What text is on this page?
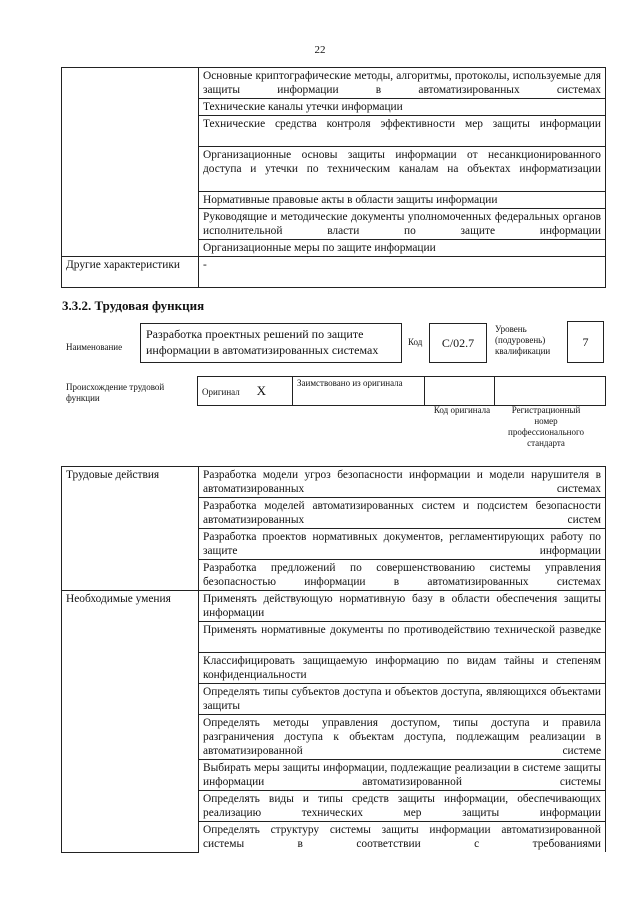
22
	Основные криптографические методы, алгоритмы, протоколы, используемые для защиты информации в автоматизированных системах
	Технические каналы утечки информации
	Технические средства контроля эффективности мер защиты информации
	Организационные основы защиты информации от несанкционированного доступа и утечки по техническим каналам на объектах информатизации
	Нормативные правовые акты в области защиты информации
	Руководящие и методические документы уполномоченных федеральных органов исполнительной власти по защите информации
	Организационные меры по защите информации
Другие характеристики	-
3.3.2. Трудовая функция
Наименование
Разработка проектных решений по защите информации в автоматизированных системах
Код	C/02.7
Уровень (подуровень) квалификации
7
Происхождение трудовой функции
Оригинал X	Заимствовано из оригинала		
Код оригинала	Регистрационный номер профессионального стандарта
Трудовые действия	Разработка модели угроз безопасности информации и модели нарушителя в автоматизированных системах
	Разработка моделей автоматизированных систем и подсистем безопасности автоматизированных систем
	Разработка проектов нормативных документов, регламентирующих работу по защите информации
	Разработка предложений по совершенствованию системы управления безопасностью информации в автоматизированных системах
Необходимые умения	Применять действующую нормативную базу в области обеспечения защиты информации
	Применять нормативные документы по противодействию технической разведке
	Классифицировать защищаемую информацию по видам тайны и степеням конфиденциальности
	Определять типы субъектов доступа и объектов доступа, являющихся объектами защиты
	Определять методы управления доступом, типы доступа и правила разграничения доступа к объектам доступа, подлежащим реализации в автоматизированной системе
	Выбирать меры защиты информации, подлежащие реализации в системе защиты информации автоматизированной системы
	Определять виды и типы средств защиты информации, обеспечивающих реализацию технических мер защиты информации
	Определять структуру системы защиты информации автоматизированной системы в соответствии с требованиями
